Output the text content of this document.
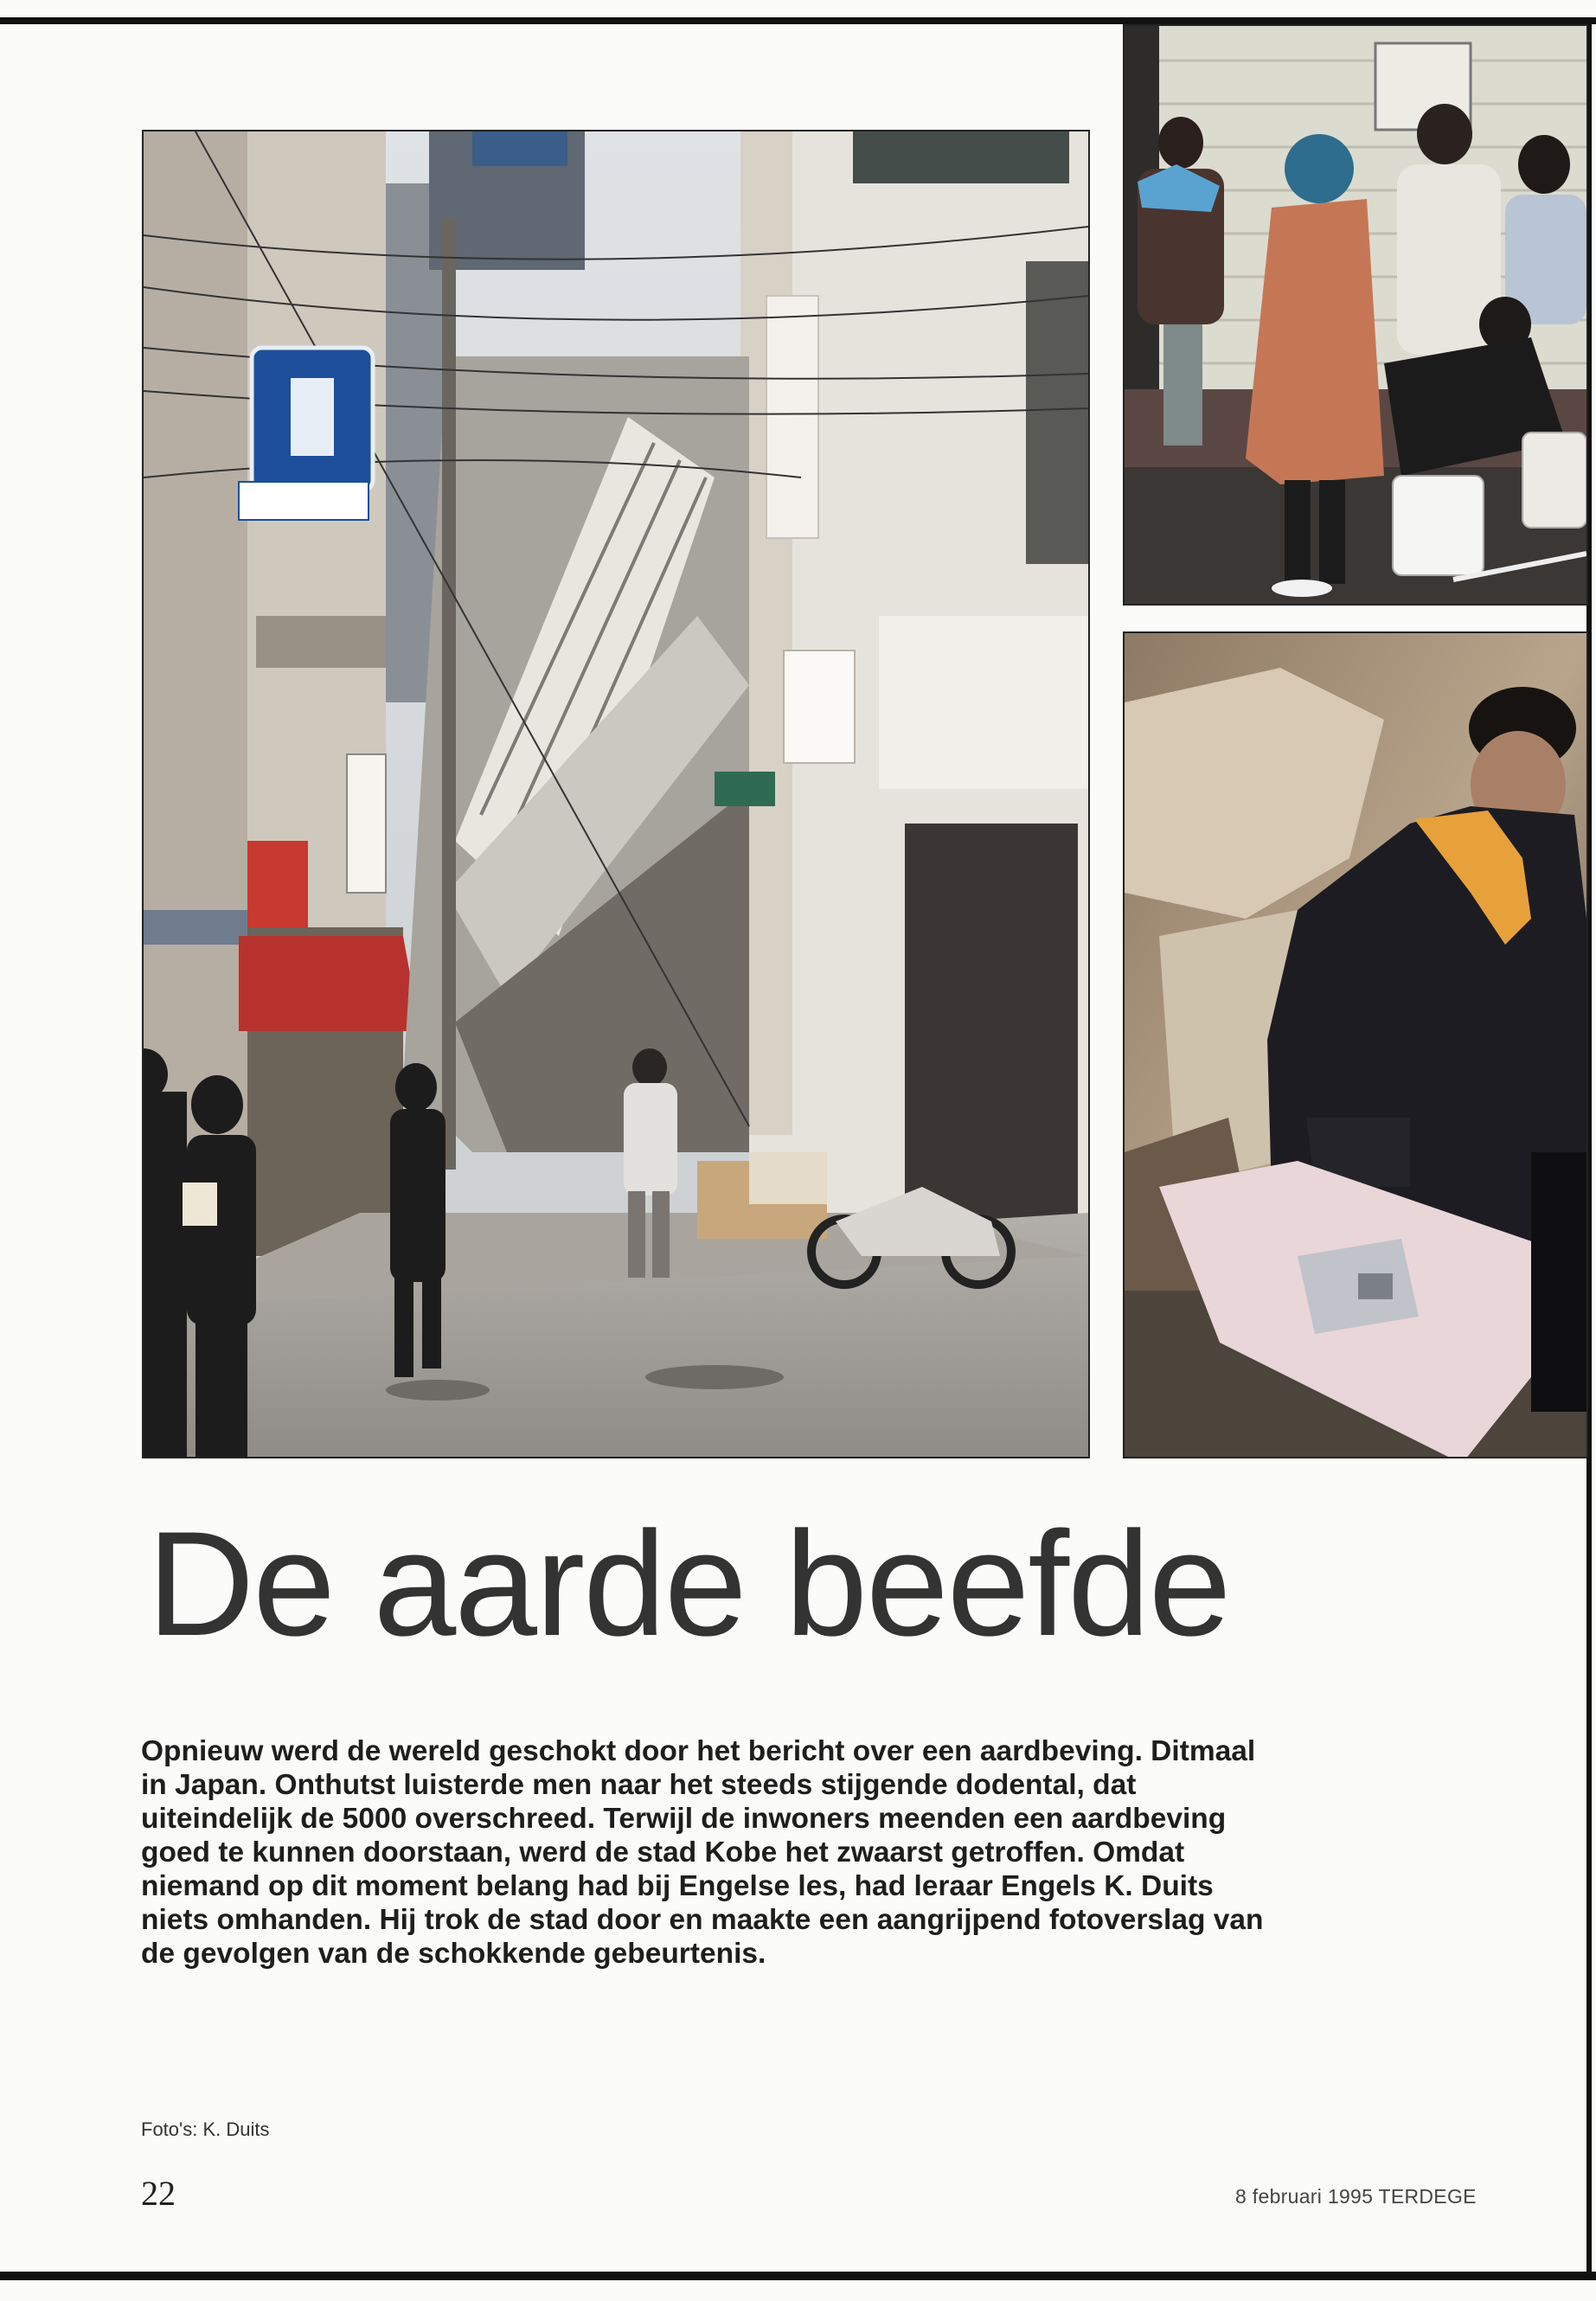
De aarde beefde

Opnieuw werd de wereld geschokt door het bericht over een aardbeving. Ditmaal in Japan. Onthutst luisterde men naar het steeds stijgende dodental, dat uiteindelijk de 5000 overschreed. Terwijl de inwoners meenden een aardbeving goed te kunnen doorstaan, werd de stad Kobe het zwaarst getroffen. Omdat niemand op dit moment belang had bij Engelse les, had leraar Engels K. Duits niets omhanden. Hij trok de stad door en maakte een aangrijpend fotoverslag van de gevolgen van de schokkende gebeurtenis.

Foto's: K. Duits
22	8 februari 1995 TERDEGE
